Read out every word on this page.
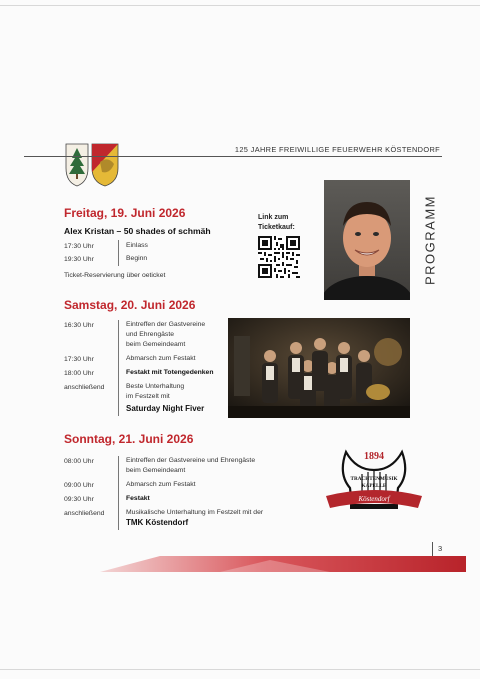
125 JAHRE FREIWILLIGE FEUERWEHR KÖSTENDORF
Freitag, 19. Juni 2026
Alex Kristan – 50 shades of schmäh
17:30 Uhr	Einlass
19:30 Uhr	Beginn
Ticket-Reservierung über oeticket
Link zum
Ticketkauf:	PROGRAMM
Samstag, 20. Juni 2026
16:30 Uhr	Eintreffen der Gastvereine
und Ehrengäste
beim Gemeindeamt
17:30 Uhr	Abmarsch zum Festakt
18:00 Uhr	Festakt mit Totengedenken
anschließend	Beste Unterhaltung
im Festzelt mit
Saturday Night Fiver
Sonntag, 21. Juni 2026
08:00 Uhr	Eintreffen der Gastvereine und Ehrengäste
beim Gemeindeamt
09:00 Uhr	Abmarsch zum Festakt
09:30 Uhr	Festakt
anschließend	Musikalische Unterhaltung im Festzelt mit der
TMK Köstendorf
1894
TRACHTENMUSIK
KAPELLE
Köstendorf
3
